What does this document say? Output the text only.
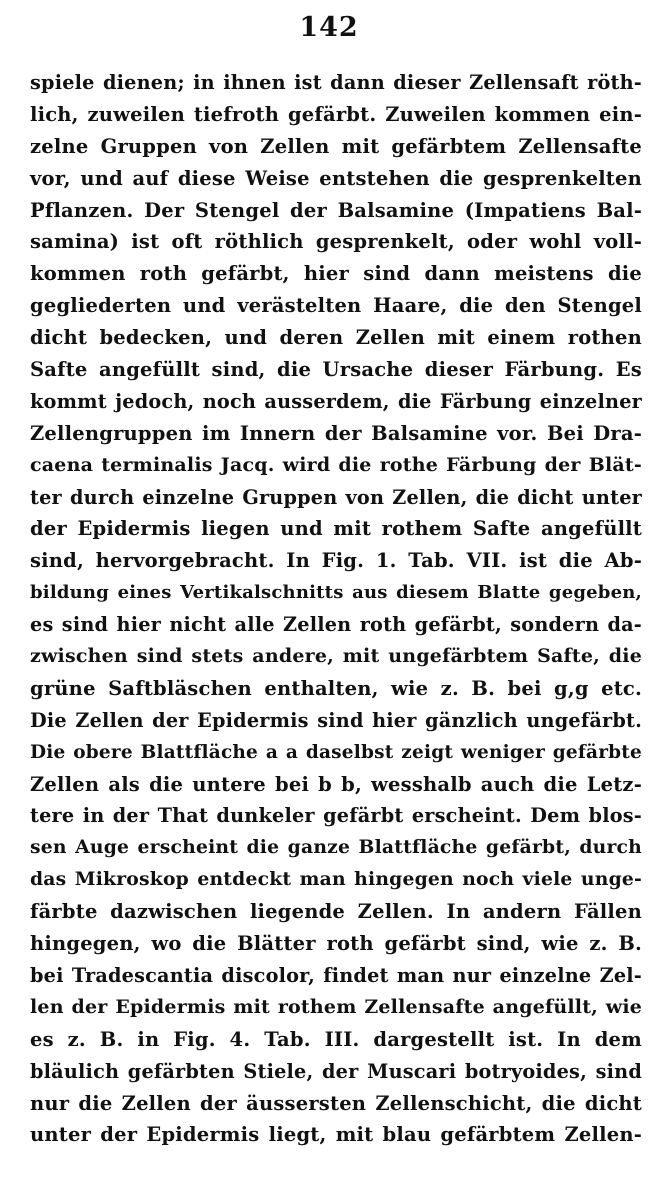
142
spiele dienen; in ihnen ist dann dieser Zellensaft röth-
lich, zuweilen tiefroth gefärbt. Zuweilen kommen ein-
zelne Gruppen von Zellen mit gefärbtem Zellensafte
vor, und auf diese Weise entstehen die gesprenkelten
Pflanzen. Der Stengel der Balsamine (Impatiens Bal-
samina) ist oft röthlich gesprenkelt, oder wohl voll-
kommen roth gefärbt, hier sind dann meistens die
gegliederten und verästelten Haare, die den Stengel
dicht bedecken, und deren Zellen mit einem rothen
Safte angefüllt sind, die Ursache dieser Färbung. Es
kommt jedoch, noch ausserdem, die Färbung einzelner
Zellengruppen im Innern der Balsamine vor. Bei Dra-
caena terminalis Jacq. wird die rothe Färbung der Blät-
ter durch einzelne Gruppen von Zellen, die dicht unter
der Epidermis liegen und mit rothem Safte angefüllt
sind, hervorgebracht. In Fig. 1. Tab. VII. ist die Ab-
bildung eines Vertikalschnitts aus diesem Blatte gegeben,
es sind hier nicht alle Zellen roth gefärbt, sondern da-
zwischen sind stets andere, mit ungefärbtem Safte, die
grüne Saftbläschen enthalten, wie z. B. bei g,g etc.
Die Zellen der Epidermis sind hier gänzlich ungefärbt.
Die obere Blattfläche a a daselbst zeigt weniger gefärbte
Zellen als die untere bei b b, wesshalb auch die Letz-
tere in der That dunkeler gefärbt erscheint. Dem blos-
sen Auge erscheint die ganze Blattfläche gefärbt, durch
das Mikroskop entdeckt man hingegen noch viele unge-
färbte dazwischen liegende Zellen. In andern Fällen
hingegen, wo die Blätter roth gefärbt sind, wie z. B.
bei Tradescantia discolor, findet man nur einzelne Zel-
len der Epidermis mit rothem Zellensafte angefüllt, wie
es z. B. in Fig. 4. Tab. III. dargestellt ist. In dem
bläulich gefärbten Stiele, der Muscari botryoides, sind
nur die Zellen der äussersten Zellenschicht, die dicht
unter der Epidermis liegt, mit blau gefärbtem Zellen-
